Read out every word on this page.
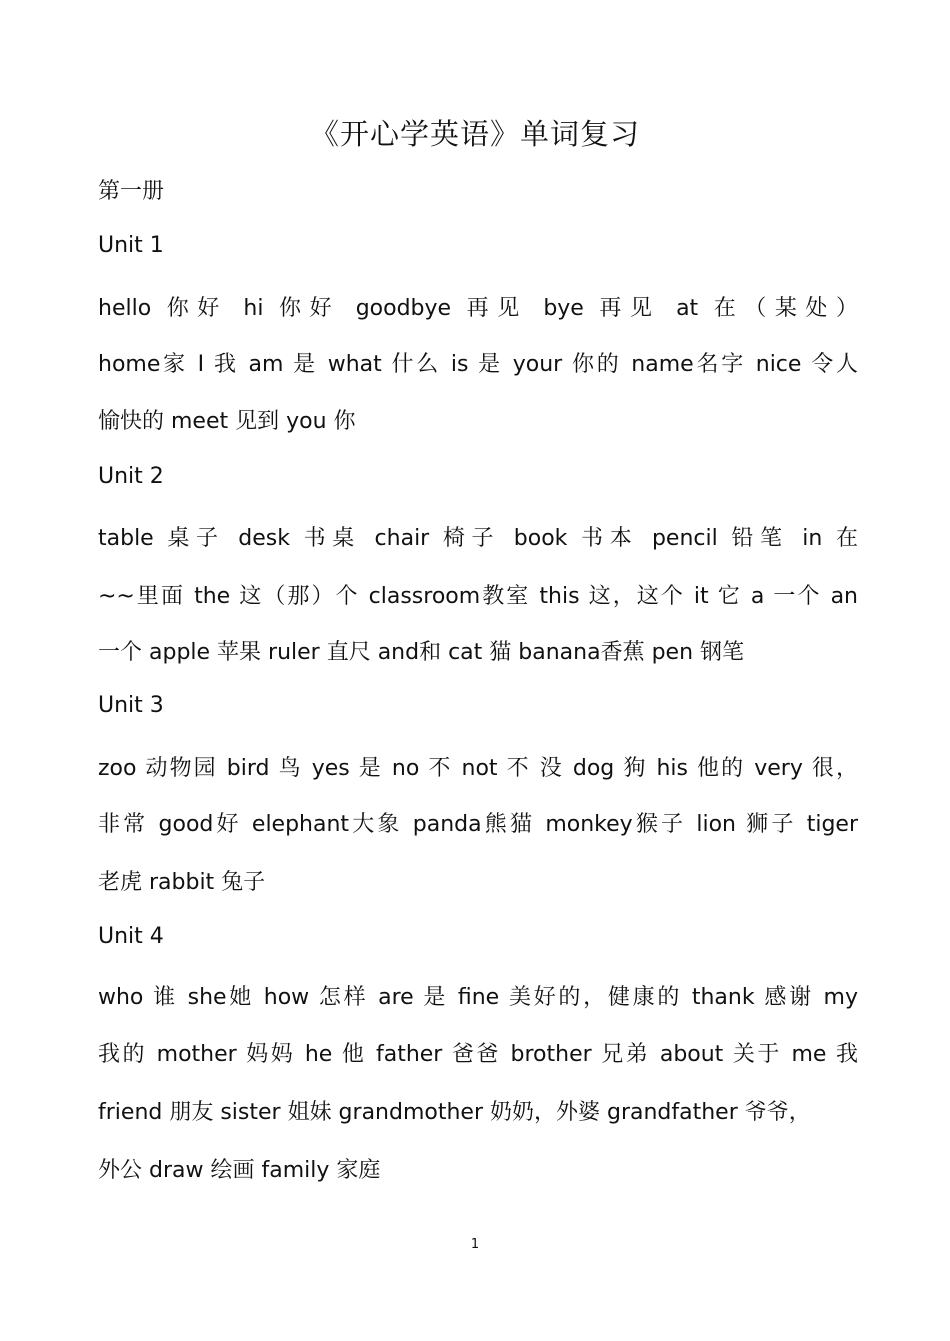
《开心学英语》单词复习
第一册
Unit 1
hello 你好 hi 你好 goodbye 再见 bye 再见 at 在（某处）
home家 I 我 am 是 what 什么 is 是 your 你的 name名字 nice 令人
愉快的 meet 见到 you 你
Unit 2
table 桌子 desk 书桌 chair 椅子 book 书本 pencil 铅笔 in 在
~~里面 the 这（那）个 classroom教室 this 这，这个 it 它 a 一个 an
一个 apple 苹果 ruler 直尺 and和 cat 猫 banana香蕉 pen 钢笔
Unit 3
zoo 动物园 bird 鸟 yes 是 no 不 not 不 没 dog 狗 his 他的 very 很，
非常 good好 elephant大象 panda熊猫 monkey猴子 lion 狮子 tiger
老虎 rabbit 兔子
Unit 4
who 谁 she她 how 怎样 are 是 fine 美好的，健康的 thank 感谢 my
我的 mother 妈妈 he 他 father 爸爸 brother 兄弟 about 关于 me 我
friend 朋友 sister 姐妹 grandmother 奶奶，外婆 grandfather 爷爷，
外公 draw 绘画 family 家庭
1
